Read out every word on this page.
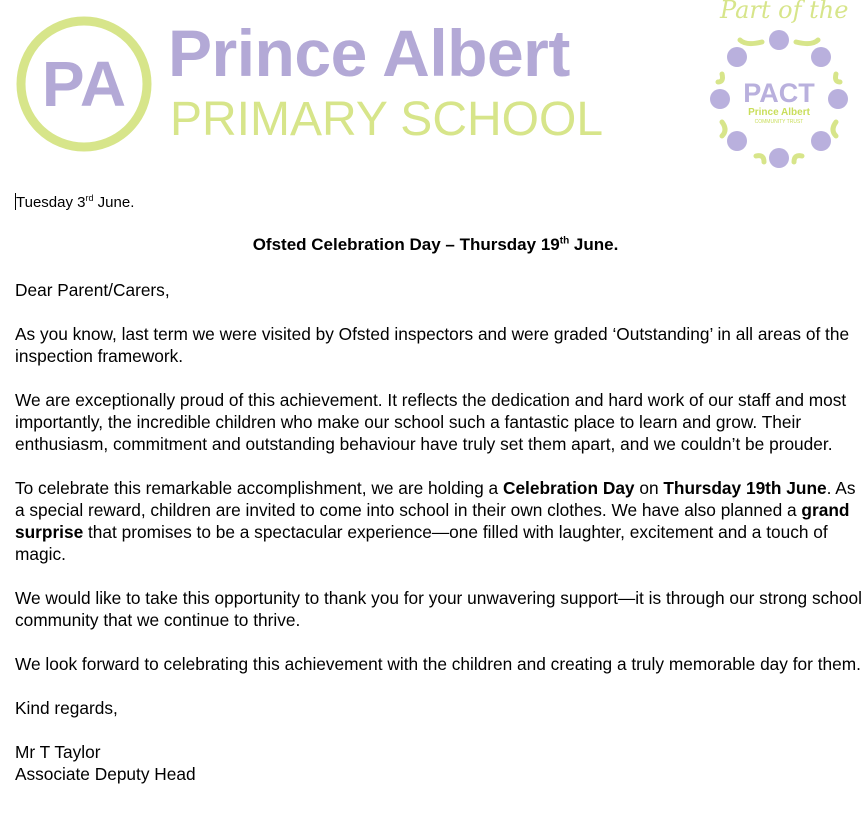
PA Prince Albert
PRIMARY SCHOOL
Part of the
PACT
Prince Albert
COMMUNITY TRUST
Tuesday 3rd June.
Ofsted Celebration Day – Thursday 19th June.

Dear Parent/Carers,

As you know, last term we were visited by Ofsted inspectors and were graded ‘Outstanding’ in all areas of the inspection framework.

We are exceptionally proud of this achievement. It reflects the dedication and hard work of our staff and most importantly, the incredible children who make our school such a fantastic place to learn and grow. Their enthusiasm, commitment and outstanding behaviour have truly set them apart, and we couldn’t be prouder.

To celebrate this remarkable accomplishment, we are holding a Celebration Day on Thursday 19th June. As a special reward, children are invited to come into school in their own clothes. We have also planned a grand surprise that promises to be a spectacular experience—one filled with laughter, excitement and a touch of magic.

We would like to take this opportunity to thank you for your unwavering support—it is through our strong school community that we continue to thrive.

We look forward to celebrating this achievement with the children and creating a truly memorable day for them.

Kind regards,

Mr T Taylor

Associate Deputy Head
